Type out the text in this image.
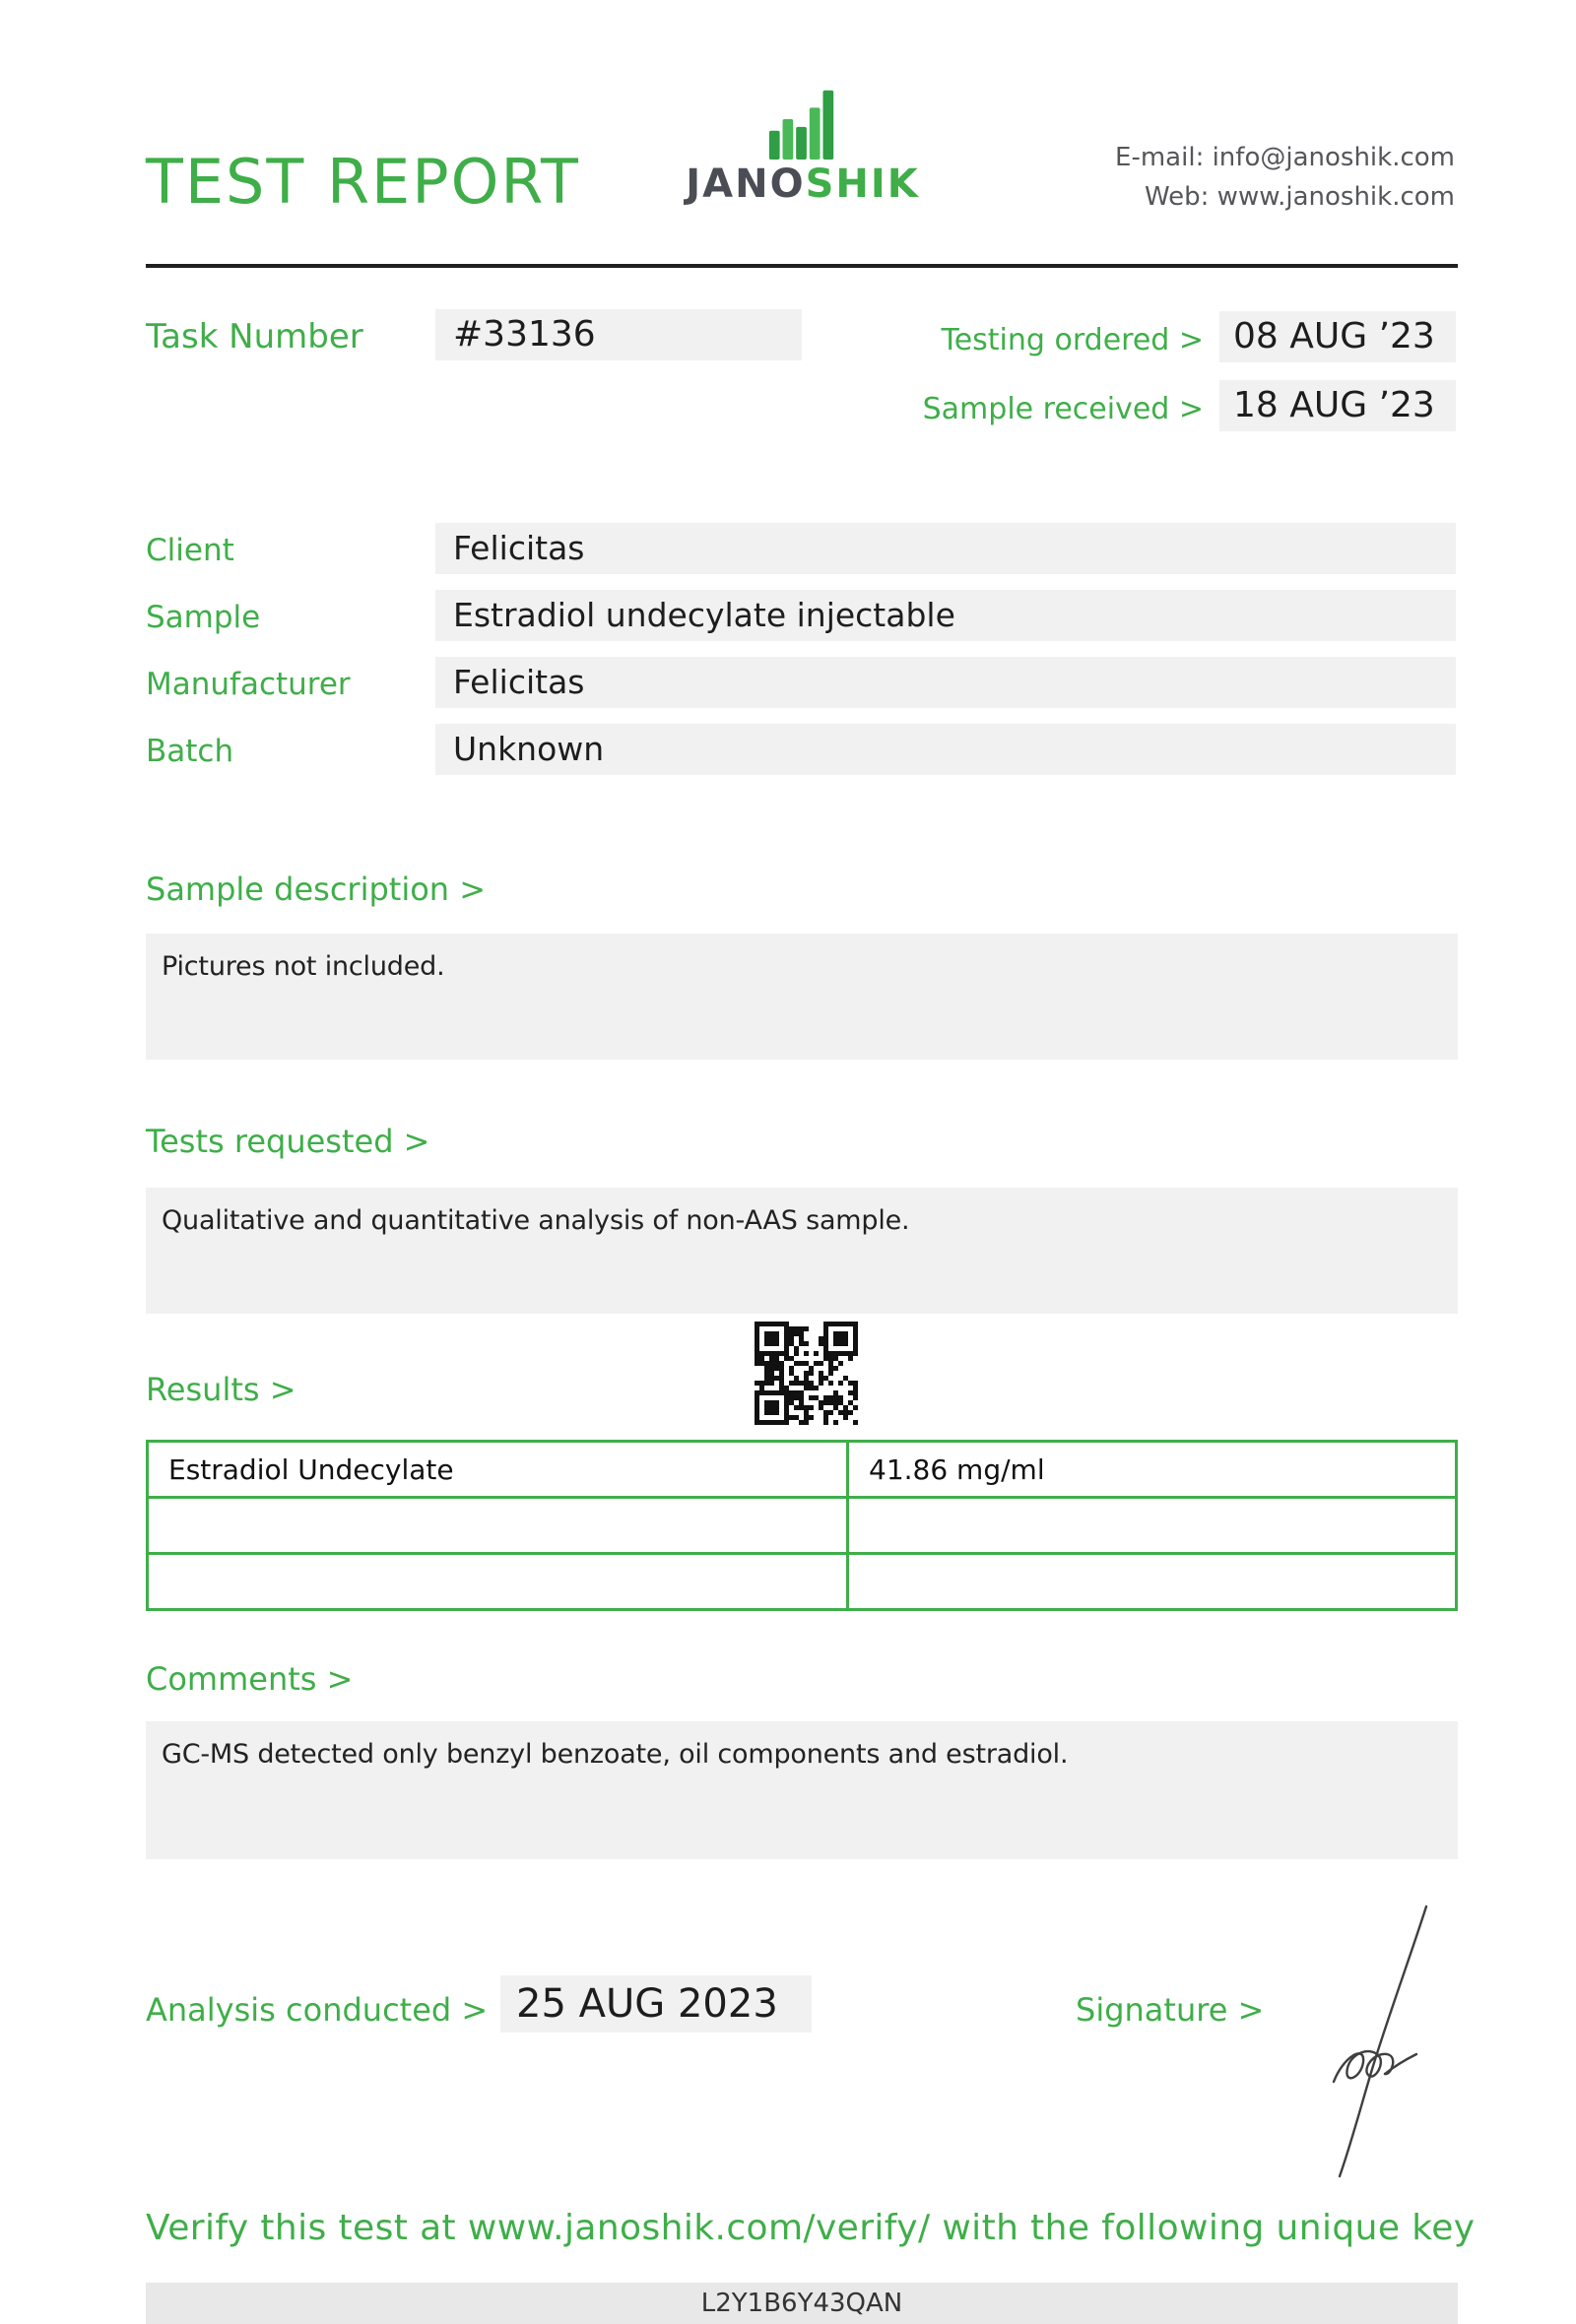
TEST REPORT	JANOSHIK
E-mail: info@janoshik.com
Web: www.janoshik.com
Task Number	#33136	Testing ordered > 08 AUG ’23
Sample received > 18 AUG ’23
Client	Felicitas
Sample	Estradiol undecylate injectable
Manufacturer	Felicitas
Batch	Unknown
Sample description >
Pictures not included.
Tests requested >
Qualitative and quantitative analysis of non-AAS sample.
Results >
Estradiol Undecylate	41.86 mg/ml

Comments >
GC-MS detected only benzyl benzoate, oil components and estradiol.
Analysis conducted > 25 AUG 2023	Signature >
Verify this test at www.janoshik.com/verify/ with the following unique key
L2Y1B6Y43QAN
